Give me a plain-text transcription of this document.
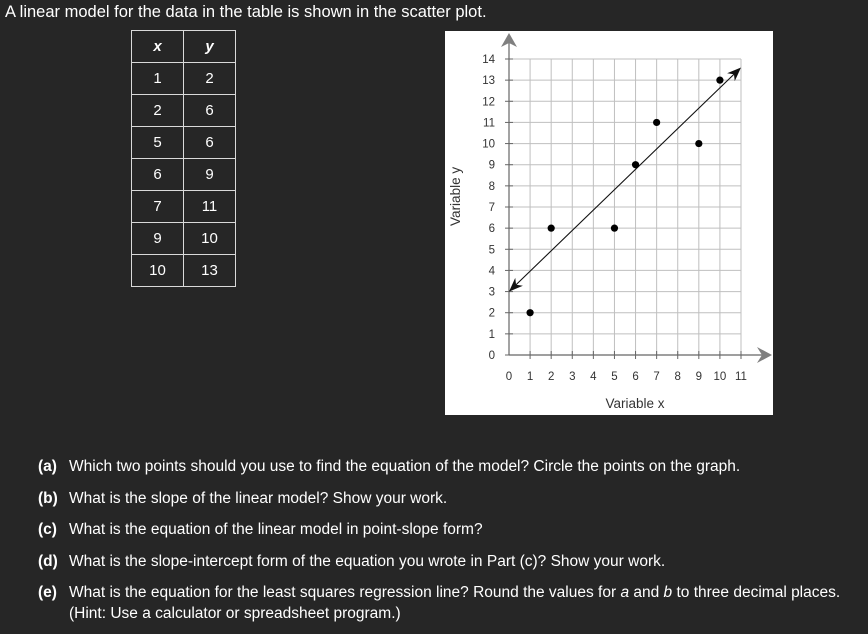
A linear model for the data in the table is shown in the scatter plot.
x	y
1	2
2	6
5	6
6	9
7	11
9	10
10	13
0 1 2 3 4 5 6 7 8 9 10 11
0
1
2
3
4
5
6
7
8
9
10
11
12
13
14
Variable x
Variable y
(a) Which two points should you use to find the equation of the model? Circle the points on the graph.
(b) What is the slope of the linear model? Show your work.
(c) What is the equation of the linear model in point-slope form?
(d) What is the slope-intercept form of the equation you wrote in Part (c)? Show your work.
(e) What is the equation for the least squares regression line? Round the values for a and b to three decimal places. (Hint: Use a calculator or spreadsheet program.)
